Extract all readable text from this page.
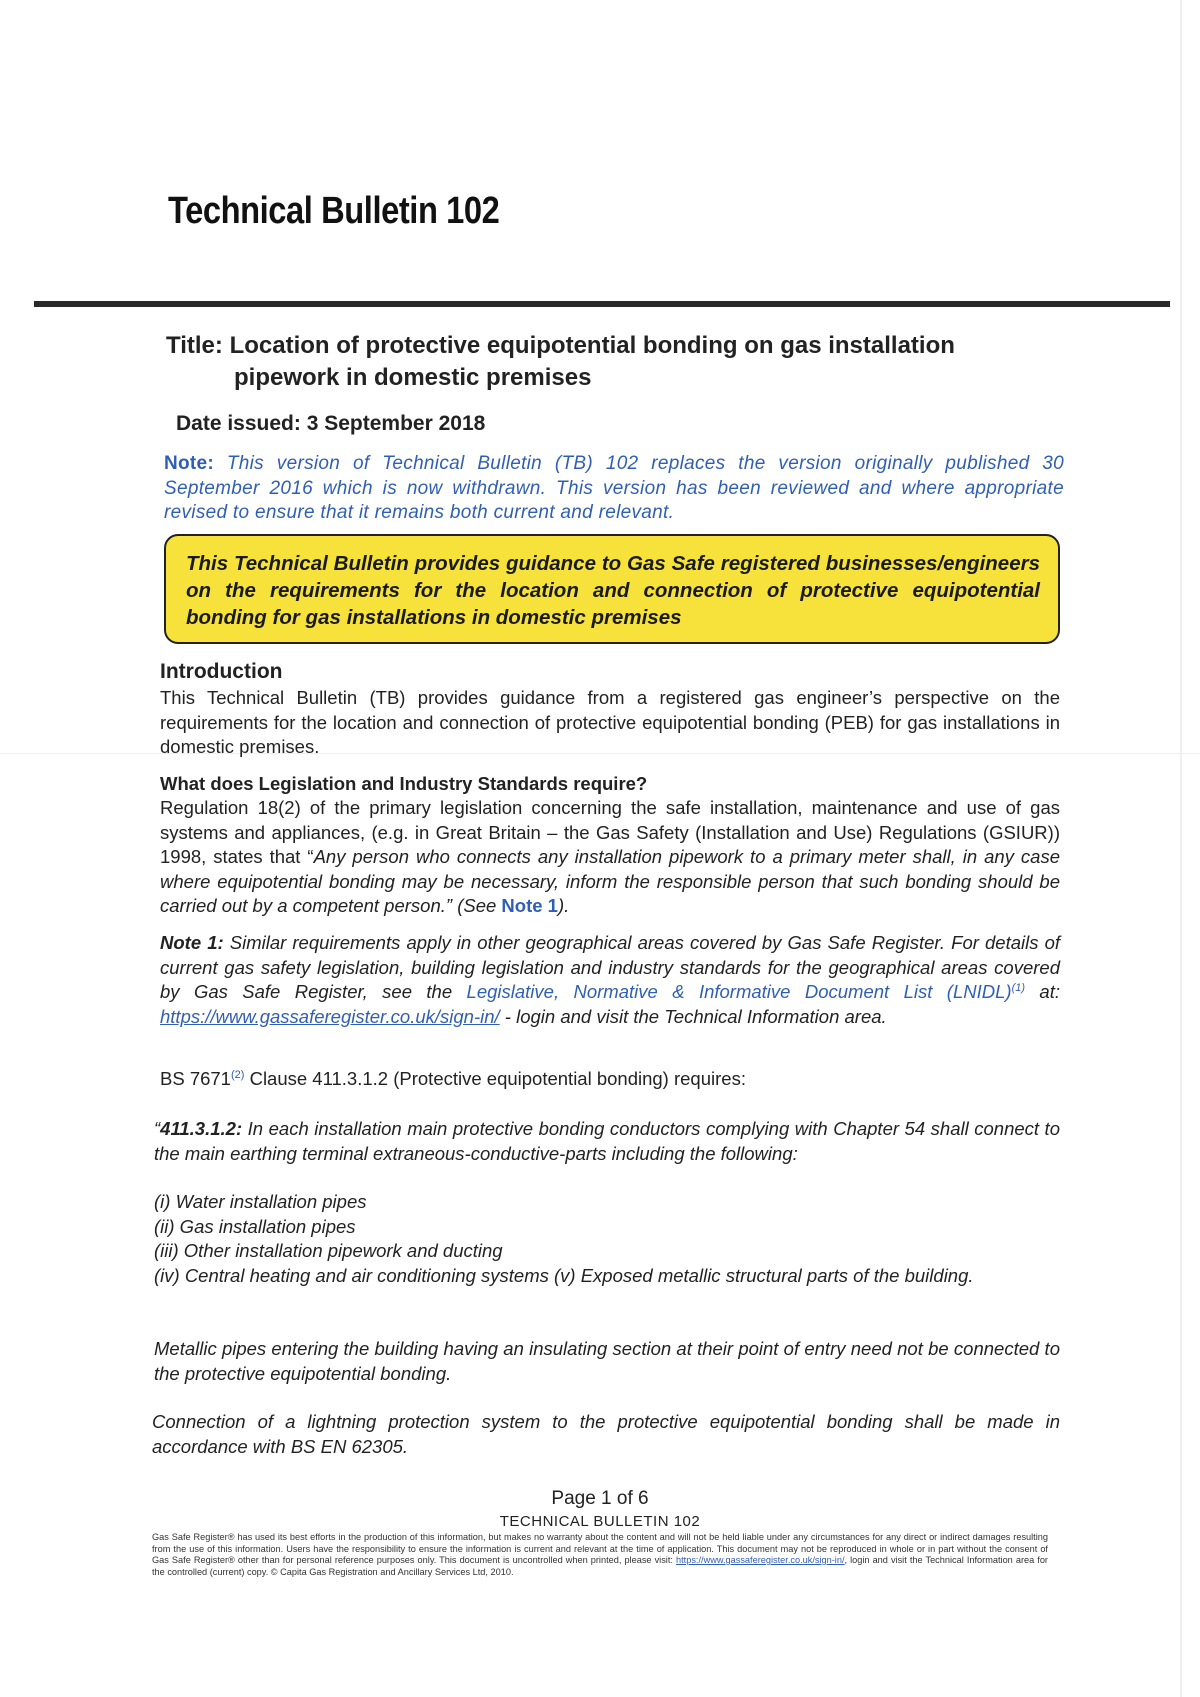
Technical Bulletin 102
Title: Location of protective equipotential bonding on gas installation
pipework in domestic premises
Date issued: 3 September 2018
Note: This version of Technical Bulletin (TB) 102 replaces the version originally published 30 September 2016 which is now withdrawn. This version has been reviewed and where appropriate revised to ensure that it remains both current and relevant.
This Technical Bulletin provides guidance to Gas Safe registered businesses/engineers on the requirements for the location and connection of protective equipotential bonding for gas installations in domestic premises
Introduction
This Technical Bulletin (TB) provides guidance from a registered gas engineer’s perspective on the requirements for the location and connection of protective equipotential bonding (PEB) for gas installations in domestic premises.
What does Legislation and Industry Standards require?
Regulation 18(2) of the primary legislation concerning the safe installation, maintenance and use of gas systems and appliances, (e.g. in Great Britain – the Gas Safety (Installation and Use) Regulations (GSIUR)) 1998, states that “Any person who connects any installation pipework to a primary meter shall, in any case where equipotential bonding may be necessary, inform the responsible person that such bonding should be carried out by a competent person.” (See Note 1).
Note 1: Similar requirements apply in other geographical areas covered by Gas Safe Register. For details of current gas safety legislation, building legislation and industry standards for the geographical areas covered by Gas Safe Register, see the Legislative, Normative & Informative Document List (LNIDL)$^{(1)}$ at: https://www.gassaferegister.co.uk/sign-in/ - login and visit the Technical Information area.
BS 7671$^{(2)}$ Clause 411.3.1.2 (Protective equipotential bonding) requires:
“411.3.1.2: In each installation main protective bonding conductors complying with Chapter 54 shall connect to the main earthing terminal extraneous-conductive-parts including the following:
(i) Water installation pipes
(ii) Gas installation pipes
(iii) Other installation pipework and ducting
(iv) Central heating and air conditioning systems (v) Exposed metallic structural parts of the building.
Metallic pipes entering the building having an insulating section at their point of entry need not be connected to the protective equipotential bonding.
Connection of a lightning protection system to the protective equipotential bonding shall be made in accordance with BS EN 62305.
Page 1 of 6
TECHNICAL BULLETIN 102
Gas Safe Register® has used its best efforts in the production of this information, but makes no warranty about the content and will not be held liable under any circumstances for any direct or indirect damages resulting from the use of this information. Users have the responsibility to ensure the information is current and relevant at the time of application. This document may not be reproduced in whole or in part without the consent of Gas Safe Register® other than for personal reference purposes only. This document is uncontrolled when printed, please visit: https://www.gassaferegister.co.uk/sign-in/, login and visit the Technical Information area for the controlled (current) copy. © Capita Gas Registration and Ancillary Services Ltd, 2010.
